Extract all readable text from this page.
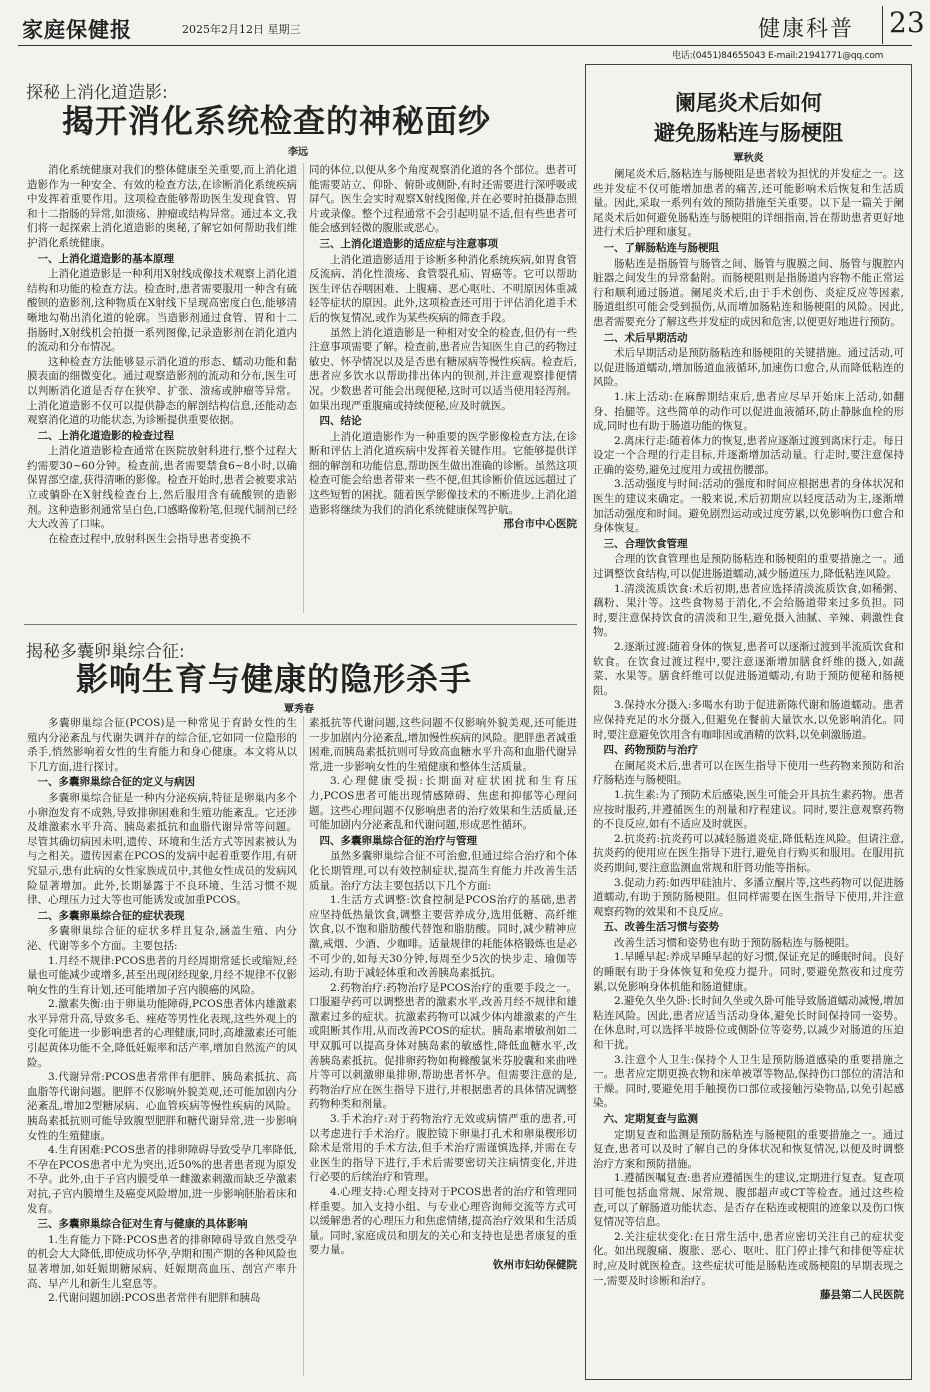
家庭保健报	2025年2月12日 星期三	健康科普 23
电话:(0451)84655043 E-mail:21941771@qq.com
探秘上消化道造影:
揭开消化系统检查的神秘面纱
李远

消化系统健康对我们的整体健康至关重要,而上消化道造影作为一种安全、有效的检查方法,在诊断消化系统疾病中发挥着重要作用。这项检查能够帮助医生发现食管、胃和十二指肠的异常,如溃疡、肿瘤或结构异常。通过本文,我们将一起探索上消化道造影的奥秘,了解它如何帮助我们维护消化系统健康。

一、上消化道造影的基本原理

上消化道造影是一种利用X射线成像技术观察上消化道结构和功能的检查方法。检查时,患者需要服用一种含有硫酸钡的造影剂,这种物质在X射线下呈现高密度白色,能够清晰地勾勒出消化道的轮廓。当造影剂通过食管、胃和十二指肠时,X射线机会拍摄一系列图像,记录造影剂在消化道内的流动和分布情况。

这种检查方法能够显示消化道的形态、蠕动功能和黏膜表面的细微变化。通过观察造影剂的流动和分布,医生可以判断消化道是否存在狭窄、扩张、溃疡或肿瘤等异常。上消化道造影不仅可以提供静态的解剖结构信息,还能动态观察消化道的功能状态,为诊断提供重要依据。

二、上消化道造影的检查过程

上消化道造影检查通常在医院放射科进行,整个过程大约需要30~60分钟。检查前,患者需要禁食6~8小时,以确保胃部空虚,获得清晰的影像。检查开始时,患者会被要求站立或躺卧在X射线检查台上,然后服用含有硫酸钡的造影剂。这种造影剂通常呈白色,口感略像粉笔,但现代制剂已经大大改善了口味。

在检查过程中,放射科医生会指导患者变换不

同的体位,以便从多个角度观察消化道的各个部位。患者可能需要站立、仰卧、俯卧或侧卧,有时还需要进行深呼吸或屏气。医生会实时观察X射线图像,并在必要时拍摄静态照片或录像。整个过程通常不会引起明显不适,但有些患者可能会感到轻微的腹胀或恶心。

三、上消化道造影的适应症与注意事项

上消化道造影适用于诊断多种消化系统疾病,如胃食管反流病、消化性溃疡、食管裂孔疝、胃癌等。它可以帮助医生评估吞咽困难、上腹痛、恶心呕吐、不明原因体重减轻等症状的原因。此外,这项检查还可用于评估消化道手术后的恢复情况,或作为某些疾病的筛查手段。

虽然上消化道造影是一种相对安全的检查,但仍有一些注意事项需要了解。检查前,患者应告知医生自己的药物过敏史、怀孕情况以及是否患有糖尿病等慢性疾病。检查后,患者应多饮水以帮助排出体内的钡剂,并注意观察排便情况。少数患者可能会出现便秘,这时可以适当使用轻泻剂。如果出现严重腹痛或持续便秘,应及时就医。

四、结论

上消化道造影作为一种重要的医学影像检查方法,在诊断和评估上消化道疾病中发挥着关键作用。它能够提供详细的解剖和功能信息,帮助医生做出准确的诊断。虽然这项检查可能会给患者带来一些不便,但其诊断价值远远超过了这些短暂的困扰。随着医学影像技术的不断进步,上消化道造影将继续为我们的消化系统健康保驾护航。

邢台市中心医院

揭秘多囊卵巢综合征:
影响生育与健康的隐形杀手
覃秀春

多囊卵巢综合征(PCOS)是一种常见于育龄女性的生殖内分泌紊乱与代谢失调并存的综合征,它如同一位隐形的杀手,悄然影响着女性的生育能力和身心健康。本文将从以下几方面,进行探讨。

一、多囊卵巢综合征的定义与病因

多囊卵巢综合征是一种内分泌疾病,特征是卵巢内多个小卵泡发育不成熟,导致排卵困难和生殖功能紊乱。它还涉及雄激素水平升高、胰岛素抵抗和血脂代谢异常等问题。尽管其确切病因未明,遗传、环境和生活方式等因素被认为与之相关。遗传因素在PCOS的发病中起着重要作用,有研究显示,患有此病的女性家族成员中,其他女性成员的发病风险显著增加。此外,长期暴露于不良环境、生活习惯不规律、心理压力过大等也可能诱发或加重PCOS。

二、多囊卵巢综合征的症状表现

多囊卵巢综合征的症状多样且复杂,涵盖生殖、内分泌、代谢等多个方面。主要包括:

1.月经不规律:PCOS患者的月经周期常延长或缩短,经量也可能减少或增多,甚至出现闭经现象,月经不规律不仅影响女性的生育计划,还可能增加子宫内膜癌的风险。

2.激素失衡:由于卵巢功能障碍,PCOS患者体内雄激素水平异常升高,导致多毛、痤疮等男性化表现,这些外观上的变化可能进一步影响患者的心理健康,同时,高雄激素还可能引起黄体功能不全,降低妊娠率和活产率,增加自然流产的风险。

3.代谢异常:PCOS患者常伴有肥胖、胰岛素抵抗、高血脂等代谢问题。肥胖不仅影响外貌美观,还可能加剧内分泌紊乱,增加2型糖尿病、心血管疾病等慢性疾病的风险。胰岛素抵抗则可能导致腹型肥胖和糖代谢异常,进一步影响女性的生殖健康。

4.生育困难:PCOS患者的排卵障碍导致受孕几率降低,不孕在PCOS患者中尤为突出,近50%的患者患者现为原发不孕。此外,由于子宫内膜受单一雌激素刺激而缺乏孕激素对抗,子宫内膜增生及癌变风险增加,进一步影响胚胎着床和发育。

三、多囊卵巢综合征对生育与健康的具体影响

1.生育能力下降:PCOS患者的排卵障碍导致自然受孕的机会大大降低,即使成功怀孕,孕期和围产期的各种风险也显著增加,如妊娠期糖尿病、妊娠期高血压、剖宫产率升高、早产儿和新生儿窒息等。

2.代谢问题加剧:PCOS患者常伴有肥胖和胰岛

素抵抗等代谢问题,这些问题不仅影响外貌美观,还可能进一步加剧内分泌紊乱,增加慢性疾病的风险。肥胖患者减重困难,而胰岛素抵抗则可导致高血糖水平升高和血脂代谢异常,进一步影响女性的生殖健康和整体生活质量。

3.心理健康受损:长期面对症状困扰和生育压力,PCOS患者可能出现情感障碍、焦虑和抑郁等心理问题。这些心理问题不仅影响患者的治疗效果和生活质量,还可能加剧内分泌紊乱和代谢问题,形成恶性循环。

四、多囊卵巢综合征的治疗与管理

虽然多囊卵巢综合征不可治愈,但通过综合治疗和个体化长期管理,可以有效控制症状,提高生育能力并改善生活质量。治疗方法主要包括以下几个方面:

1.生活方式调整:饮食控制是PCOS治疗的基础,患者应坚持低热量饮食,调整主要营养成分,选用低糖、高纤维饮食,以不饱和脂肪酸代替饱和脂肪酸。同时,减少精神应激,戒烟、少酒、少咖啡。适量规律的耗能体格锻炼也是必不可少的,如每天30分钟,每周至少5次的快步走、瑜伽等运动,有助于减轻体重和改善胰岛素抵抗。

2.药物治疗:药物治疗是PCOS治疗的重要手段之一。口服避孕药可以调整患者的激素水平,改善月经不规律和雄激素过多的症状。抗激素药物可以减少体内雄激素的产生或阻断其作用,从而改善PCOS的症状。胰岛素增敏剂如二甲双胍可以提高身体对胰岛素的敏感性,降低血糖水平,改善胰岛素抵抗。促排卵药物如枸橼酸氯米芬胶囊和来曲唑片等可以刺激卵巢排卵,帮助患者怀孕。但需要注意的是,药物治疗应在医生指导下进行,并根据患者的具体情况调整药物种类和剂量。

3.手术治疗:对于药物治疗无效或病情严重的患者,可以考虑进行手术治疗。腹腔镜下卵巢打孔术和卵巢楔形切除术是常用的手术方法,但手术治疗需谨慎选择,并需在专业医生的指导下进行,手术后需要密切关注病情变化,并进行必要的后续治疗和管理。

4.心理支持:心理支持对于PCOS患者的治疗和管理同样重要。加入支持小组、与专业心理咨询师交流等方式可以缓解患者的心理压力和焦虑情绪,提高治疗效果和生活质量。同时,家庭成员和朋友的关心和支持也是患者康复的重要力量。

钦州市妇幼保健院

阑尾炎术后如何
避免肠粘连与肠梗阻
覃秋炎

阑尾炎术后,肠粘连与肠梗阻是患者较为担忧的并发症之一。这些并发症不仅可能增加患者的痛苦,还可能影响术后恢复和生活质量。因此,采取一系列有效的预防措施至关重要。以下是一篇关于阑尾炎术后如何避免肠粘连与肠梗阻的详细指南,旨在帮助患者更好地进行术后护理和康复。

一、了解肠粘连与肠梗阻

肠粘连是指肠管与肠管之间、肠管与腹膜之间、肠管与腹腔内脏器之间发生的异常黏附。而肠梗阻则是指肠道内容物不能正常运行和顺利通过肠道。阑尾炎术后,由于手术创伤、炎症反应等因素,肠道组织可能会受到损伤,从而增加肠粘连和肠梗阻的风险。因此,患者需要充分了解这些并发症的成因和危害,以便更好地进行预防。

二、术后早期活动

术后早期活动是预防肠粘连和肠梗阻的关键措施。通过活动,可以促进肠道蠕动,增加肠道血液循环,加速伤口愈合,从而降低粘连的风险。

1.床上活动:在麻醉期结束后,患者应尽早开始床上活动,如翻身、抬腿等。这些简单的动作可以促进血液循环,防止静脉血栓的形成,同时也有助于肠道功能的恢复。

2.离床行走:随着体力的恢复,患者应逐渐过渡到离床行走。每日设定一个合理的行走目标,并逐渐增加活动量。行走时,要注意保持正确的姿势,避免过度用力或扭伤腰部。

3.活动强度与时间:活动的强度和时间应根据患者的身体状况和医生的建议来确定。一般来说,术后初期应以轻度活动为主,逐渐增加活动强度和时间。避免剧烈运动或过度劳累,以免影响伤口愈合和身体恢复。

三、合理饮食管理

合理的饮食管理也是预防肠粘连和肠梗阻的重要措施之一。通过调整饮食结构,可以促进肠道蠕动,减少肠道压力,降低粘连风险。

1.清淡流质饮食:术后初期,患者应选择清淡流质饮食,如稀粥、藕粉、果汁等。这些食物易于消化,不会给肠道带来过多负担。同时,要注意保持饮食的清淡和卫生,避免摄入油腻、辛辣、刺激性食物。

2.逐渐过渡:随着身体的恢复,患者可以逐渐过渡到半流质饮食和软食。在饮食过渡过程中,要注意逐渐增加膳食纤维的摄入,如蔬菜、水果等。膳食纤维可以促进肠道蠕动,有助于预防便秘和肠梗阻。

3.保持水分摄入:多喝水有助于促进新陈代谢和肠道蠕动。患者应保持充足的水分摄入,但避免在餐前大量饮水,以免影响消化。同时,要注意避免饮用含有咖啡因或酒精的饮料,以免刺激肠道。

四、药物预防与治疗

在阑尾炎术后,患者可以在医生指导下使用一些药物来预防和治疗肠粘连与肠梗阻。

1.抗生素:为了预防术后感染,医生可能会开具抗生素药物。患者应按时服药,并遵循医生的剂量和疗程建议。同时,要注意观察药物的不良反应,如有不适应及时就医。

2.抗炎药:抗炎药可以减轻肠道炎症,降低粘连风险。但请注意,抗炎药的使用应在医生指导下进行,避免自行购买和服用。在服用抗炎药期间,要注意监测血常规和肝肾功能等指标。

3.促动力药:如西甲硅油片、多潘立酮片等,这些药物可以促进肠道蠕动,有助于预防肠梗阻。但同样需要在医生指导下使用,并注意观察药物的效果和不良反应。

五、改善生活习惯与姿势

改善生活习惯和姿势也有助于预防肠粘连与肠梗阻。

1.早睡早起:养成早睡早起的好习惯,保证充足的睡眠时间。良好的睡眠有助于身体恢复和免疫力提升。同时,要避免熬夜和过度劳累,以免影响身体机能和肠道健康。

2.避免久坐久卧:长时间久坐或久卧可能导致肠道蠕动减慢,增加粘连风险。因此,患者应适当活动身体,避免长时间保持同一姿势。在休息时,可以选择半坡卧位或侧卧位等姿势,以减少对肠道的压迫和干扰。

3.注意个人卫生:保持个人卫生是预防肠道感染的重要措施之一。患者应定期更换衣物和床单被罩等物品,保持伤口部位的清洁和干燥。同时,要避免用手触摸伤口部位或接触污染物品,以免引起感染。

六、定期复查与监测

定期复查和监测是预防肠粘连与肠梗阻的重要措施之一。通过复查,患者可以及时了解自己的身体状况和恢复情况,以便及时调整治疗方案和预防措施。

1.遵循医嘱复查:患者应遵循医生的建议,定期进行复查。复查项目可能包括血常规、尿常规、腹部超声或CT等检查。通过这些检查,可以了解肠道功能状态、是否存在粘连或梗阻的迹象以及伤口恢复情况等信息。

2.关注症状变化:在日常生活中,患者应密切关注自己的症状变化。如出现腹痛、腹胀、恶心、呕吐、肛门停止排气和排便等症状时,应及时就医检查。这些症状可能是肠粘连或肠梗阻的早期表现之一,需要及时诊断和治疗。

藤县第二人民医院
